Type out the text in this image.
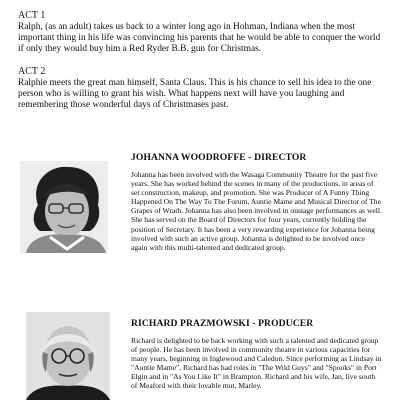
ACT 1

Ralph, (as an adult) takes us back to a winter long ago in Hohman, Indiana when the most important thing in his life was convincing his parents that he would be able to conquer the world if only they would buy him a Red Ryder B.B. gun for Christmas.

ACT 2

Ralphie meets the great man himself, Santa Claus. This is his chance to sell his idea to the one person who is willing to grant his wish. What happens next will have you laughing and remembering those wonderful days of Christmases past.

JOHANNA WOODROFFE - DIRECTOR

Johanna has been involved with the Wasaga Community Theatre for the past five years. She has worked behind the scenes in many of the productions, in areas of set construction, makeup, and promotion. She was Producer of A Funny Thing Happened On The Way To The Forum, Auntie Mame and Musical Director of The Grapes of Wrath. Johanna has also been involved in onstage performances as well. She has served on the Board of Directors for four years, currently holding the position of Secretary. It has been a very rewarding experience for Johanna being involved with such an active group. Johanna is delighted to be involved once again with this multi-talented and dedicated group.

RICHARD PRAZMOWSKI - PRODUCER

Richard is delighted to be back working with such a talented and dedicated group of people. He has been involved in community theatre in various capacities for many years, beginning in Inglewood and Caledon. Since performing as Lindsay in "Auntie Mame", Richard has had roles in "The Wild Guys" and "Spooks" in Port Elgin and in "As You Like It" in Brampton. Richard and his wife, Jan, live south of Meaford with their lovable mut, Marley.
